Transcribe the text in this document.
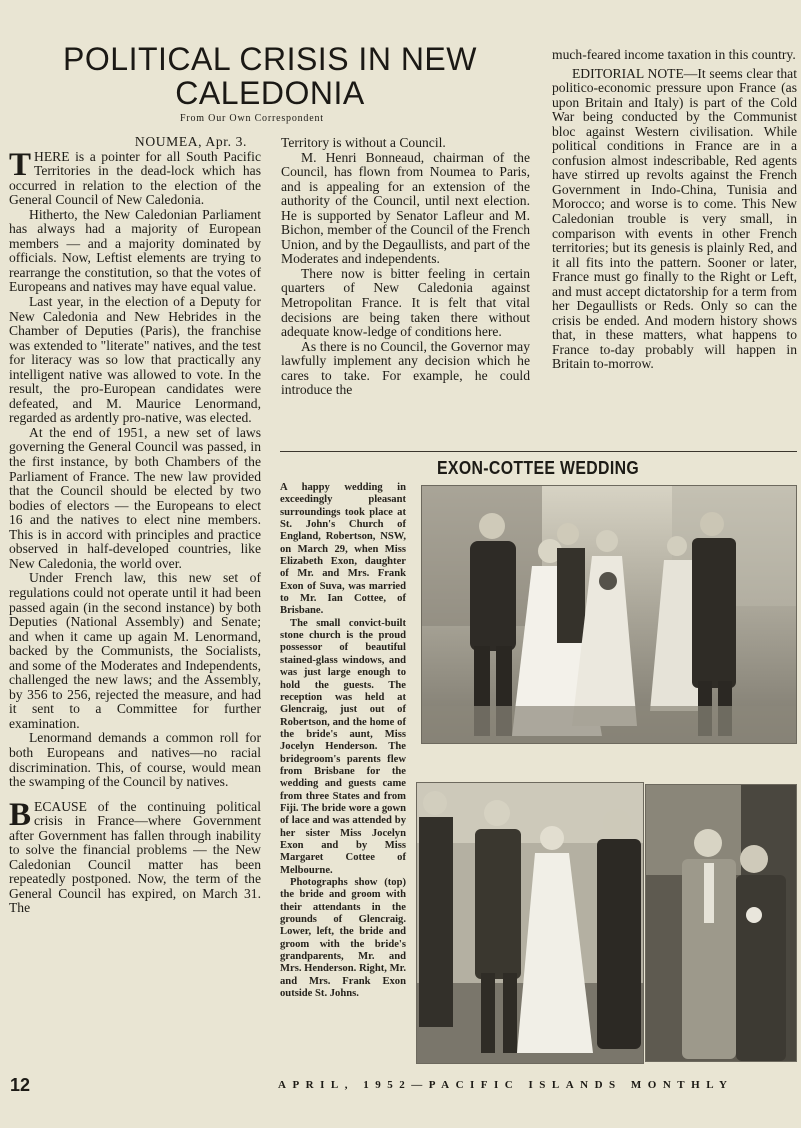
POLITICAL CRISIS IN NEW CALEDONIA
From Our Own Correspondent

NOUMEA, Apr. 3.

THERE is a pointer for all South Pacific Territories in the dead-lock which has occurred in relation to the election of the General Council of New Caledonia.

Hitherto, the New Caledonian Parliament has always had a majority of European members — and a majority dominated by officials. Now, Leftist elements are trying to rearrange the constitution, so that the votes of Europeans and natives may have equal value.

Last year, in the election of a Deputy for New Caledonia and New Hebrides in the Chamber of Deputies (Paris), the franchise was extended to "literate" natives, and the test for literacy was so low that practically any intelligent native was allowed to vote. In the result, the pro-European candidates were defeated, and M. Maurice Lenormand, regarded as ardently pro-native, was elected.

At the end of 1951, a new set of laws governing the General Council was passed, in the first instance, by both Chambers of the Parliament of France. The new law provided that the Council should be elected by two bodies of electors — the Europeans to elect 16 and the natives to elect nine members. This is in accord with principles and practice observed in half-developed countries, like New Caledonia, the world over.

Under French law, this new set of regulations could not operate until it had been passed again (in the second instance) by both Deputies (National Assembly) and Senate; and when it came up again M. Lenormand, backed by the Communists, the Socialists, and some of the Moderates and Independents, challenged the new laws; and the Assembly, by 356 to 256, rejected the measure, and had it sent to a Committee for further examination.

Lenormand demands a common roll for both Europeans and natives—no racial discrimination. This, of course, would mean the swamping of the Council by natives.

BECAUSE of the continuing political crisis in France—where Government after Government has fallen through inability to solve the financial problems — the New Caledonian Council matter has been repeatedly postponed. Now, the term of the General Council has expired, on March 31. The

Territory is without a Council.

M. Henri Bonneaud, chairman of the Council, has flown from Noumea to Paris, and is appealing for an extension of the authority of the Council, until next election. He is supported by Senator Lafleur and M. Bichon, member of the Council of the French Union, and by the Degaullists, and part of the Moderates and independents.

There now is bitter feeling in certain quarters of New Caledonia against Metropolitan France. It is felt that vital decisions are being taken there without adequate know-ledge of conditions here.

As there is no Council, the Governor may lawfully implement any decision which he cares to take. For example, he could introduce the

much-feared income taxation in this country.

EDITORIAL NOTE—It seems clear that politico-economic pressure upon France (as upon Britain and Italy) is part of the Cold War being conducted by the Communist bloc against Western civilisation. While political conditions in France are in a confusion almost indescribable, Red agents have stirred up revolts against the French Government in Indo-China, Tunisia and Morocco; and worse is to come. This New Caledonian trouble is very small, in comparison with events in other French territories; but its genesis is plainly Red, and it all fits into the pattern. Sooner or later, France must go finally to the Right or Left, and must accept dictatorship for a term from her Degaullists or Reds. Only so can the crisis be ended. And modern history shows that, in these matters, what happens to France to-day probably will happen in Britain to-morrow.

EXON-COTTEE WEDDING

A happy wedding in exceedingly pleasant surroundings took place at St. John's Church of England, Robertson, NSW, on March 29, when Miss Elizabeth Exon, daughter of Mr. and Mrs. Frank Exon of Suva, was married to Mr. Ian Cottee, of Brisbane.

The small convict-built stone church is the proud possessor of beautiful stained-glass windows, and was just large enough to hold the guests. The reception was held at Glencraig, just out of Robertson, and the home of the bride's aunt, Miss Jocelyn Henderson. The bridegroom's parents flew from Brisbane for the wedding and guests came from three States and from Fiji. The bride wore a gown of lace and was attended by her sister Miss Jocelyn Exon and by Miss Margaret Cottee of Melbourne.

Photographs show (top) the bride and groom with their attendants in the grounds of Glencraig. Lower, left, the bride and groom with the bride's grandparents, Mr. and Mrs. Henderson. Right, Mr. and Mrs. Frank Exon outside St. Johns.

12	APRIL, 1952—PACIFIC ISLANDS MONTHLY
